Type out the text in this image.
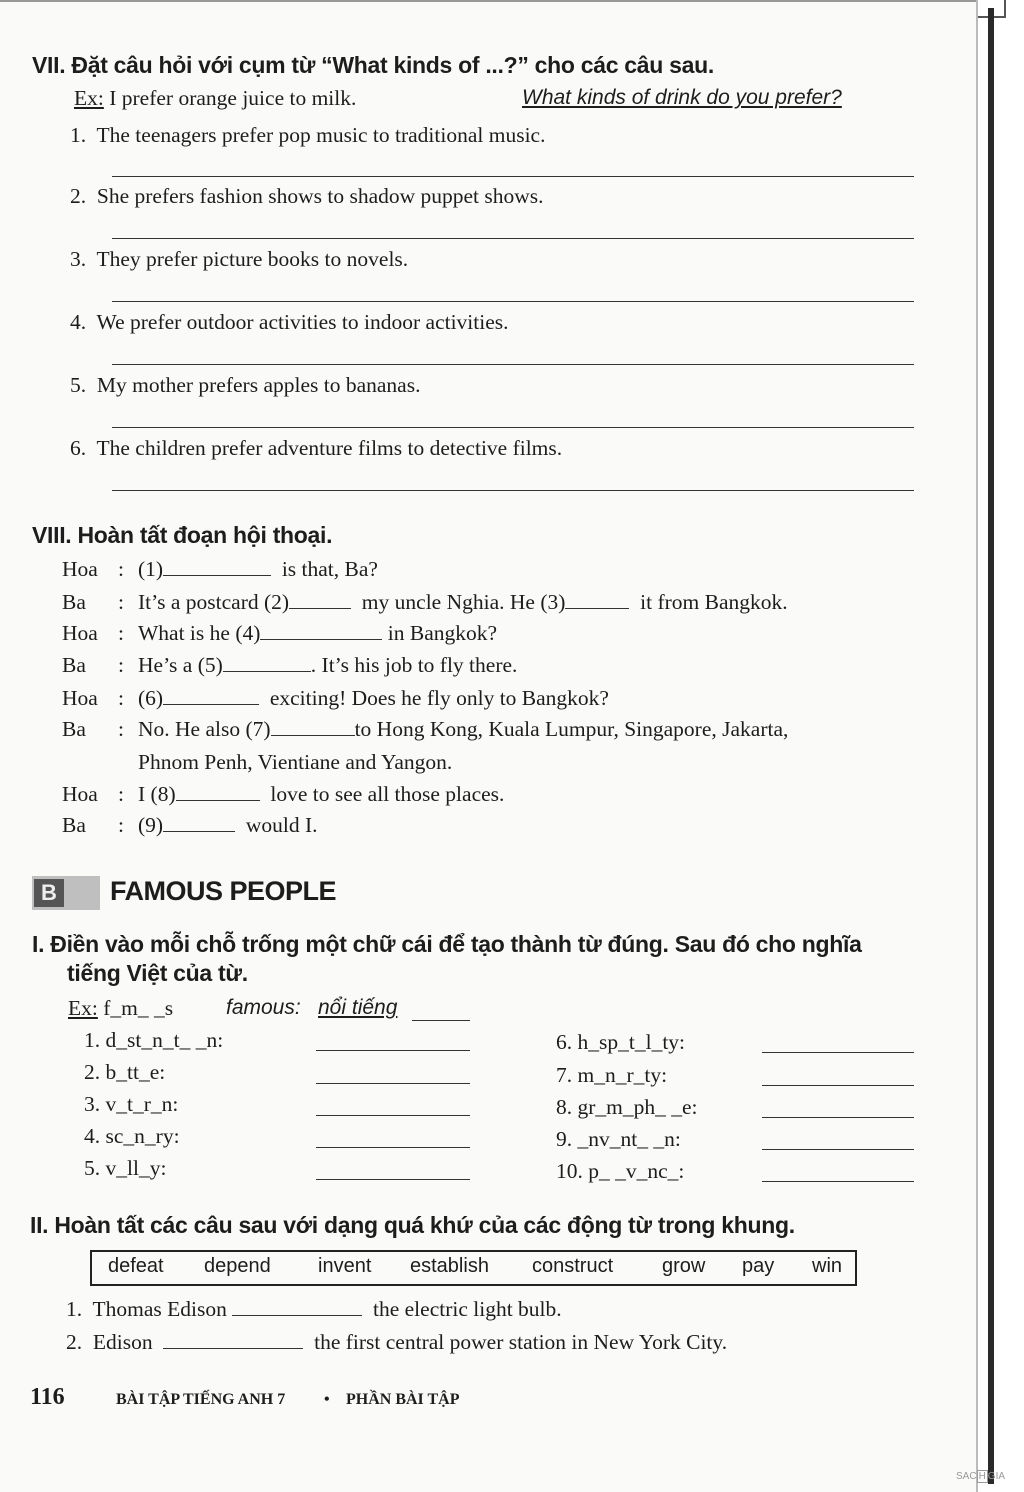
VII. Đặt câu hỏi với cụm từ “What kinds of ...?” cho các câu sau.
Ex: I prefer orange juice to milk.	What kinds of drink do you prefer?
1. The teenagers prefer pop music to traditional music.
2. She prefers fashion shows to shadow puppet shows.
3. They prefer picture books to novels.
4. We prefer outdoor activities to indoor activities.
5. My mother prefers apples to bananas.
6. The children prefer adventure films to detective films.
VIII. Hoàn tất đoạn hội thoại.
Hoa : (1)	is that, Ba?
Ba : It’s a postcard (2)	my uncle Nghia. He (3)	it from Bangkok.
Hoa : What is he (4)	in Bangkok?
Ba : He’s a (5)	. It’s his job to fly there.
Hoa : (6)	exciting! Does he fly only to Bangkok?
Ba : No. He also (7)	to Hong Kong, Kuala Lumpur, Singapore, Jakarta,
Phnom Penh, Vientiane and Yangon.
Hoa : I (8)	love to see all those places.
Ba : (9)	would I.
B FAMOUS PEOPLE
I. Điền vào mỗi chỗ trống một chữ cái để tạo thành từ đúng. Sau đó cho nghĩa
tiếng Việt của từ.
Ex: f_m_ _s	famous: nổi tiếng
1. d_st_n_t_ _n:
2. b_tt_e:
3. v_t_r_n:
4. sc_n_ry:
5. v_ll_y:
6. h_sp_t_l_ty:
7. m_n_r_ty:
8. gr_m_ph_ _e:
9. _nv_nt_ _n:
10. p_ _v_nc_:
II. Hoàn tất các câu sau với dạng quá khứ của các động từ trong khung.
defeat depend invent establish construct grow pay win
1. Thomas Edison	the electric light bulb.
2. Edison	the first central power station in New York City.
116	BÀI TẬP TIẾNG ANH 7 • PHẦN BÀI TẬP
SAC H GIA
